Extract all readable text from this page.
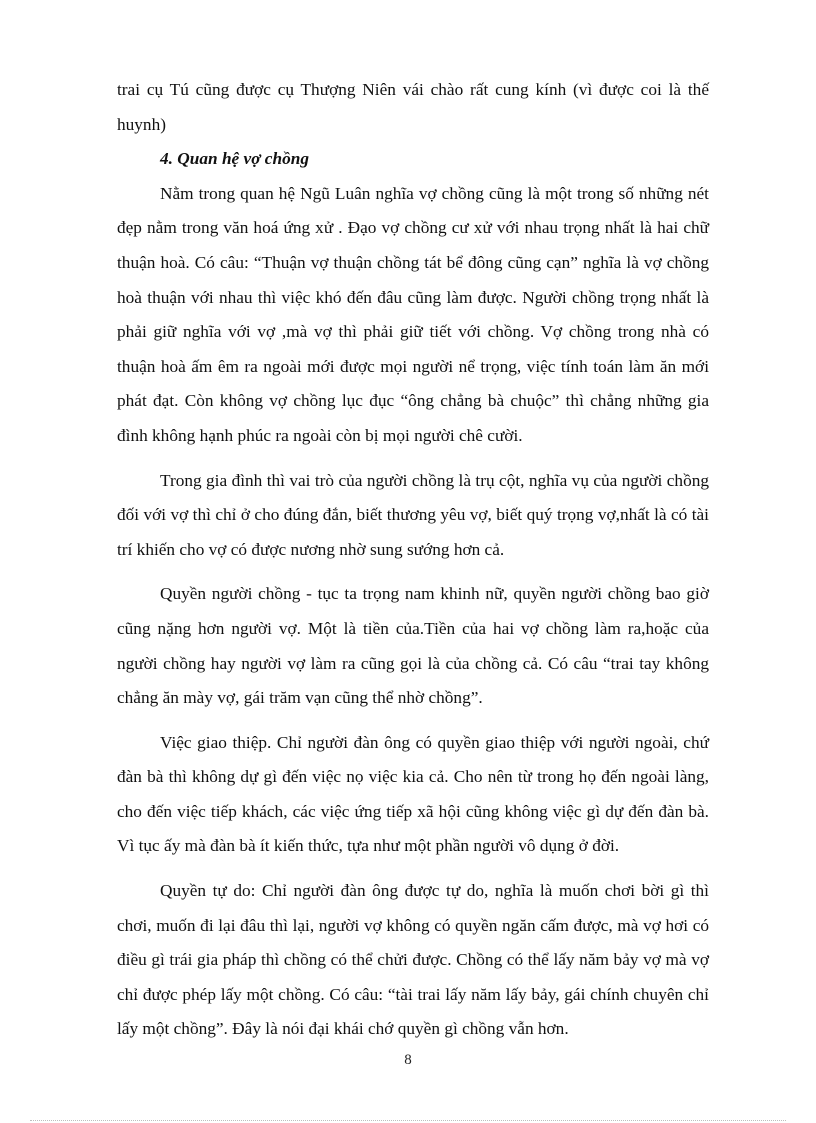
trai cụ Tú cũng được cụ Thượng Niên vái chào rất cung kính (vì được coi là thế huynh)

4. Quan hệ vợ chồng

Nằm trong quan hệ Ngũ Luân nghĩa vợ chồng cũng là một trong số những nét đẹp nằm trong văn hoá ứng xử . Đạo vợ chồng cư xử với nhau trọng nhất là hai chữ thuận hoà. Có câu: “Thuận vợ thuận chồng tát bể đông cũng cạn” nghĩa là vợ chồng hoà thuận với nhau thì việc khó đến đâu cũng làm được. Người chồng trọng nhất là phải giữ nghĩa với vợ ,mà vợ thì phải giữ tiết với chồng. Vợ chồng trong nhà có thuận hoà ấm êm ra ngoài mới được mọi người nể trọng, việc tính toán làm ăn mới phát đạt. Còn không vợ chồng lục đục “ông chẳng bà chuộc” thì chẳng những gia đình không hạnh phúc ra ngoài còn bị mọi người chê cười.

Trong gia đình thì vai trò của người chồng là trụ cột, nghĩa vụ của người chồng đối với vợ thì chỉ ở cho đúng đắn, biết thương yêu vợ, biết quý trọng vợ,nhất là có tài trí khiến cho vợ có được nương nhờ sung sướng hơn cả.

Quyền người chồng - tục ta trọng nam khinh nữ, quyền người chồng bao giờ cũng nặng hơn người vợ. Một là tiền của.Tiền của hai vợ chồng làm ra,hoặc của người chồng hay người vợ làm ra cũng gọi là của chồng cả. Có câu “trai tay không chẳng ăn mày vợ, gái trăm vạn cũng thể nhờ chồng”.

Việc giao thiệp. Chỉ người đàn ông có quyền giao thiệp với người ngoài, chứ đàn bà thì không dự gì đến việc nọ việc kia cả. Cho nên từ trong họ đến ngoài làng, cho đến việc tiếp khách, các việc ứng tiếp xã hội cũng không việc gì dự đến đàn bà. Vì tục ấy mà đàn bà ít kiến thức, tựa như một phần người vô dụng ở đời.

Quyền tự do: Chỉ người đàn ông được tự do, nghĩa là muốn chơi bời gì thì chơi, muốn đi lại đâu thì lại, người vợ không có quyền ngăn cấm được, mà vợ hơi có điều gì trái gia pháp thì chồng có thể chửi được. Chồng có thể lấy năm bảy vợ mà vợ chỉ được phép lấy một chồng. Có câu: “tài trai lấy năm lấy bảy, gái chính chuyên chỉ lấy một chồng”. Đây là nói đại khái chớ quyền gì chồng vẫn hơn.

8
